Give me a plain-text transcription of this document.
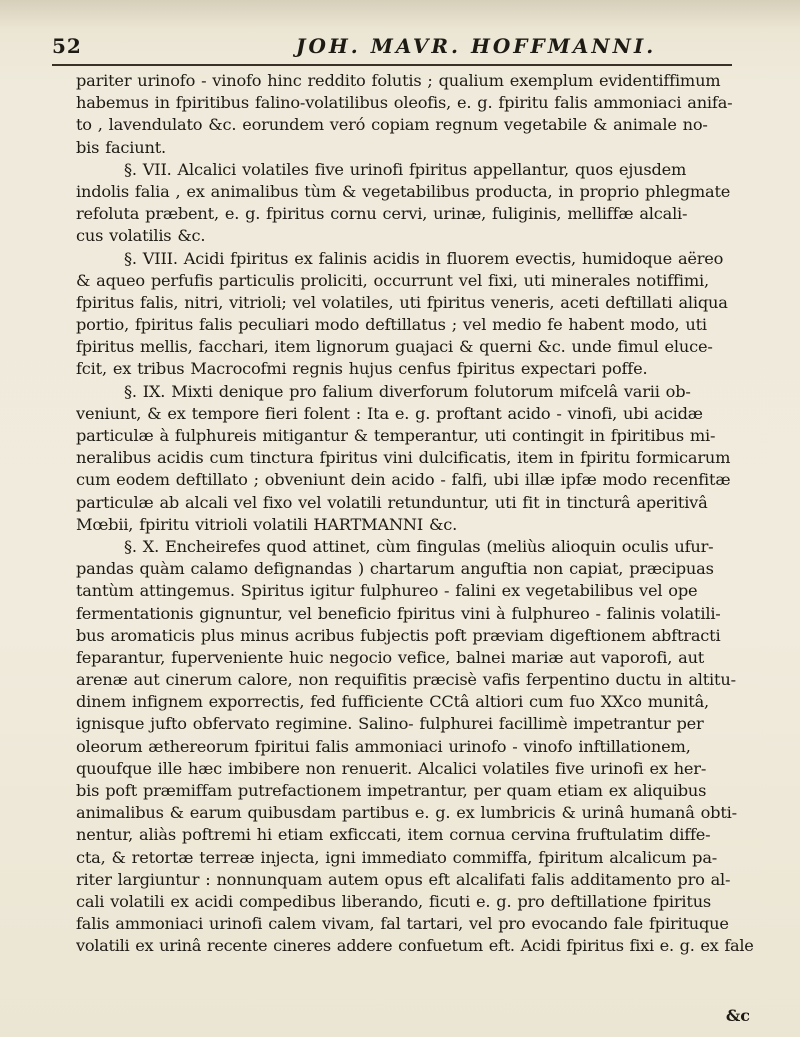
52	JOH. MAVR. HOFFMANNI.
pariter urinofo - vinofo hinc reddito folutis ; qualium exemplum evidentiffimum
habemus in fpiritibus falino-volatilibus oleofis, e. g. fpiritu falis ammoniaci anifa-
to , lavendulato &c. eorundem veró copiam regnum vegetabile & animale no-
bis faciunt.
§. VII. Alcalici volatiles five urinofi fpiritus appellantur, quos ejusdem
indolis falia , ex animalibus tùm & vegetabilibus producta, in proprio phlegmate
refoluta præbent, e. g. fpiritus cornu cervi, urinæ, fuliginis, melliffæ alcali-
cus volatilis &c.
§. VIII. Acidi fpiritus ex falinis acidis in fluorem evectis, humidoque aëreo
& aqueo perfufis particulis proliciti, occurrunt vel fixi, uti minerales notiffimi,
fpiritus falis, nitri, vitrioli; vel volatiles, uti fpiritus veneris, aceti deftillati aliqua
portio, fpiritus falis peculiari modo deftillatus ; vel medio fe habent modo, uti
fpiritus mellis, facchari, item lignorum guajaci & querni &c. unde fimul eluce-
fcit, ex tribus Macrocofmi regnis hujus cenfus fpiritus expectari poffe.
§. IX. Mixti denique pro falium diverforum folutorum mifcelâ varii ob-
veniunt, & ex tempore fieri folent : Ita e. g. proftant acido - vinofi, ubi acidæ
particulæ à fulphureis mitigantur & temperantur, uti contingit in fpiritibus mi-
neralibus acidis cum tinctura fpiritus vini dulcificatis, item in fpiritu formicarum
cum eodem deftillato ; obveniunt dein acido - falfi, ubi illæ ipfæ modo recenfitæ
particulæ ab alcali vel fixo vel volatili retunduntur, uti fit in tincturâ aperitivâ
Mœbii, fpiritu vitrioli volatili HARTMANNI &c.
§. X. Encheirefes quod attinet, cùm fingulas (meliùs alioquin oculis ufur-
pandas quàm calamo defignandas ) chartarum anguftia non capiat, præcipuas
tantùm attingemus. Spiritus igitur fulphureo - falini ex vegetabilibus vel ope
fermentationis gignuntur, vel beneficio fpiritus vini à fulphureo - falinis volatili-
bus aromaticis plus minus acribus fubjectis poft præviam digeftionem abftracti
feparantur, fuperveniente huic negocio vefice, balnei mariæ aut vaporofi, aut
arenæ aut cinerum calore, non requifitis præcisè vafis ferpentino ductu in altitu-
dinem infignem exporrectis, fed fufficiente CCtâ altiori cum fuo XXco munitâ,
ignisque jufto obfervato regimine. Salino- fulphurei facillimè impetrantur per
oleorum æthereorum fpiritui falis ammoniaci urinofo - vinofo inftillationem,
quoufque ille hæc imbibere non renuerit. Alcalici volatiles five urinofi ex her-
bis poft præmiffam putrefactionem impetrantur, per quam etiam ex aliquibus
animalibus & earum quibusdam partibus e. g. ex lumbricis & urinâ humanâ obti-
nentur, aliàs poftremi hi etiam exficcati, item cornua cervina fruftulatim diffe-
cta, & retortæ terreæ injecta, igni immediato commiffa, fpiritum alcalicum pa-
riter largiuntur : nonnunquam autem opus eft alcalifati falis additamento pro al-
cali volatili ex acidi compedibus liberando, ficuti e. g. pro deftillatione fpiritus
falis ammoniaci urinofi calem vivam, fal tartari, vel pro evocando fale fpirituque
volatili ex urinâ recente cineres addere confuetum eft. Acidi fpiritus fixi e. g. ex fale
&c
